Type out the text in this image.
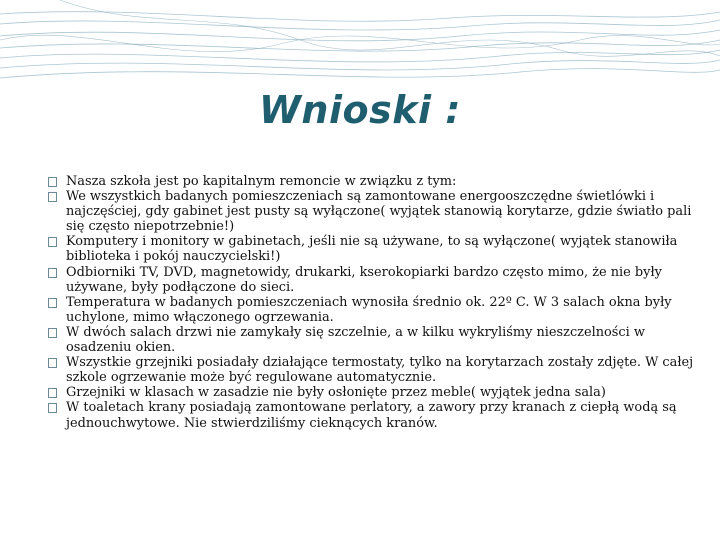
Wnioski :
Nasza szkoła jest po kapitalnym remoncie w związku z tym:
We wszystkich badanych pomieszczeniach są zamontowane energooszczędne świetlówki i najczęściej, gdy gabinet jest pusty są wyłączone( wyjątek stanowią korytarze, gdzie światło pali się często niepotrzebnie!)
Komputery i monitory w gabinetach, jeśli nie są używane, to są wyłączone( wyjątek stanowiła biblioteka i pokój nauczycielski!)
Odbiorniki TV, DVD, magnetowidy, drukarki, kserokopiarki bardzo często mimo, że nie były używane, były podłączone do sieci.
Temperatura w badanych pomieszczeniach wynosiła średnio ok. 22º C. W 3 salach okna były uchylone, mimo włączonego ogrzewania.
W dwóch salach drzwi nie zamykały się szczelnie, a w kilku wykryliśmy nieszczelności w osadzeniu okien.
Wszystkie grzejniki posiadały działające termostaty, tylko na korytarzach zostały zdjęte. W całej szkole ogrzewanie może być regulowane automatycznie.
Grzejniki w klasach w zasadzie nie były osłonięte przez meble( wyjątek jedna sala)
W toaletach krany posiadają zamontowane perlatory, a zawory przy kranach z ciepłą wodą są jednouchwytowe. Nie stwierdziliśmy cieknących kranów.
